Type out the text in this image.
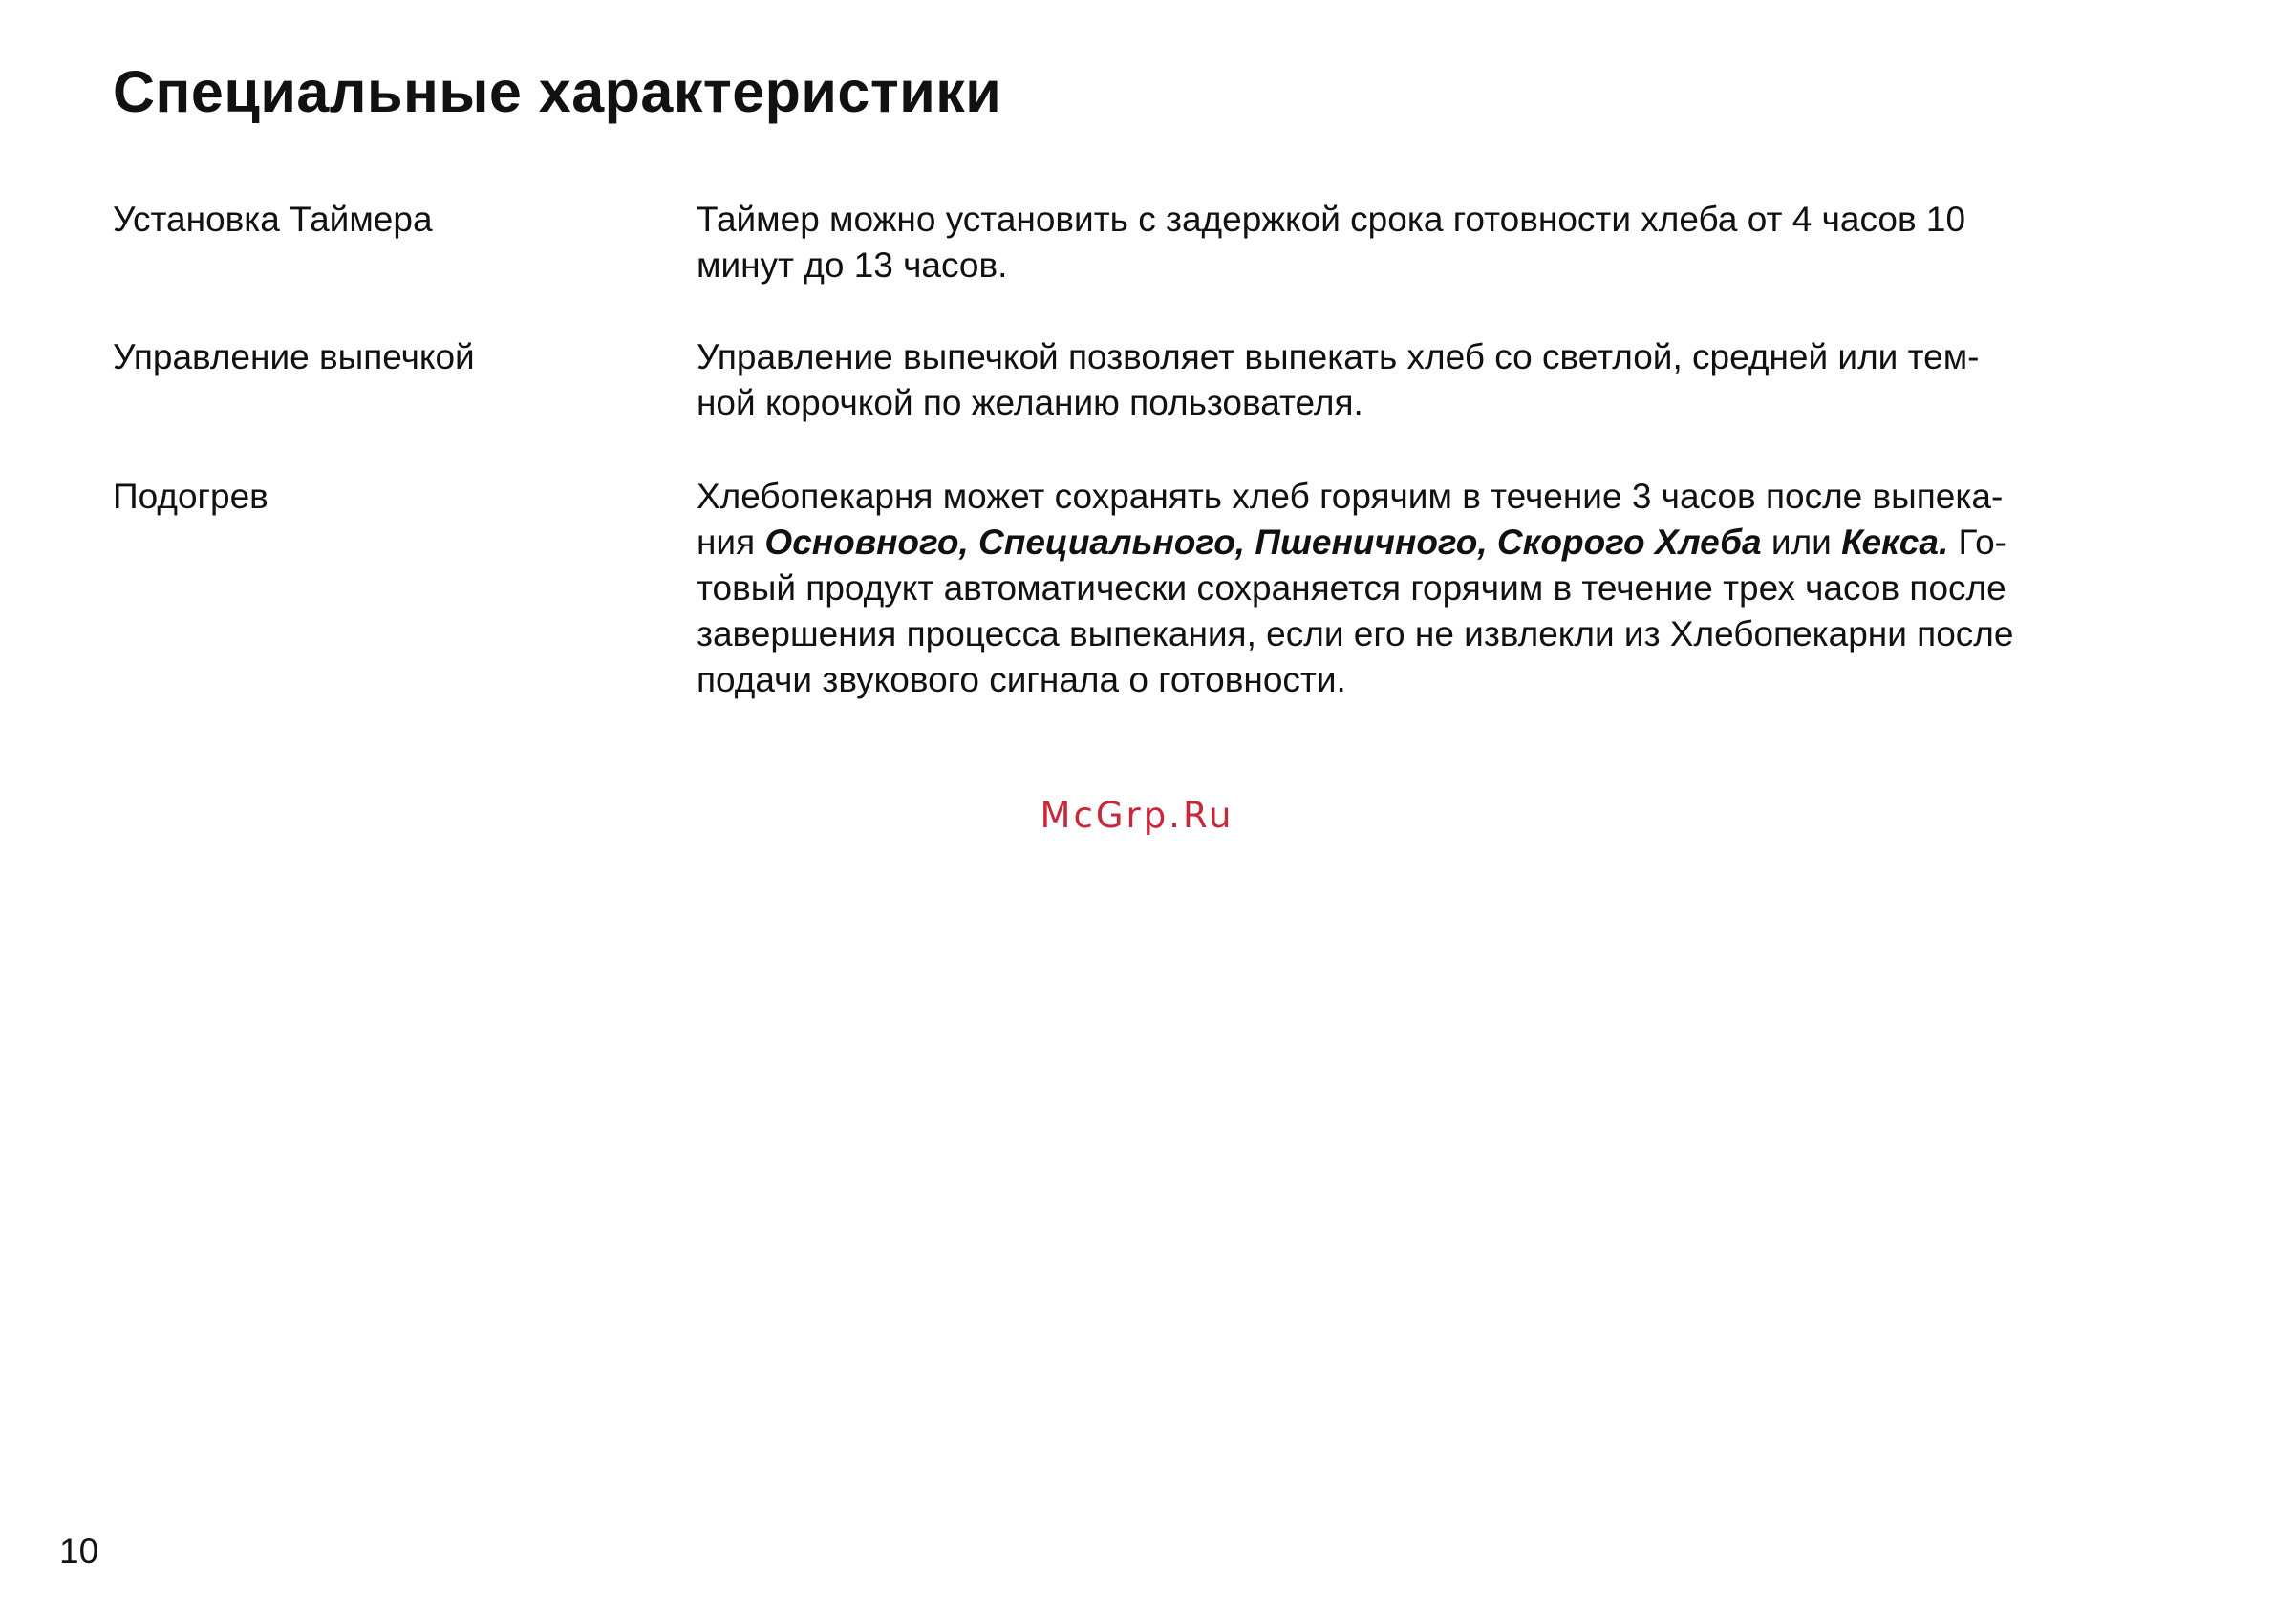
Специальные характеристики
Установка Таймера	Таймер можно установить с задержкой срока готовности хлеба от 4 часов 10
минут до 13 часов.

Управление выпечкой	Управление выпечкой позволяет выпекать хлеб со светлой, средней или тем-
ной корочкой по желанию пользователя.

Подогрев	Хлебопекарня может сохранять хлеб горячим в течение 3 часов после выпека-
ния Основного, Специального, Пшеничного, Скорого Хлеба или Кекса. Го-
товый продукт автоматически сохраняется горячим в течение трех часов после
завершения процесса выпекания, если его не извлекли из Хлебопекарни после
подачи звукового сигнала о готовности.

McGrp.Ru
10
